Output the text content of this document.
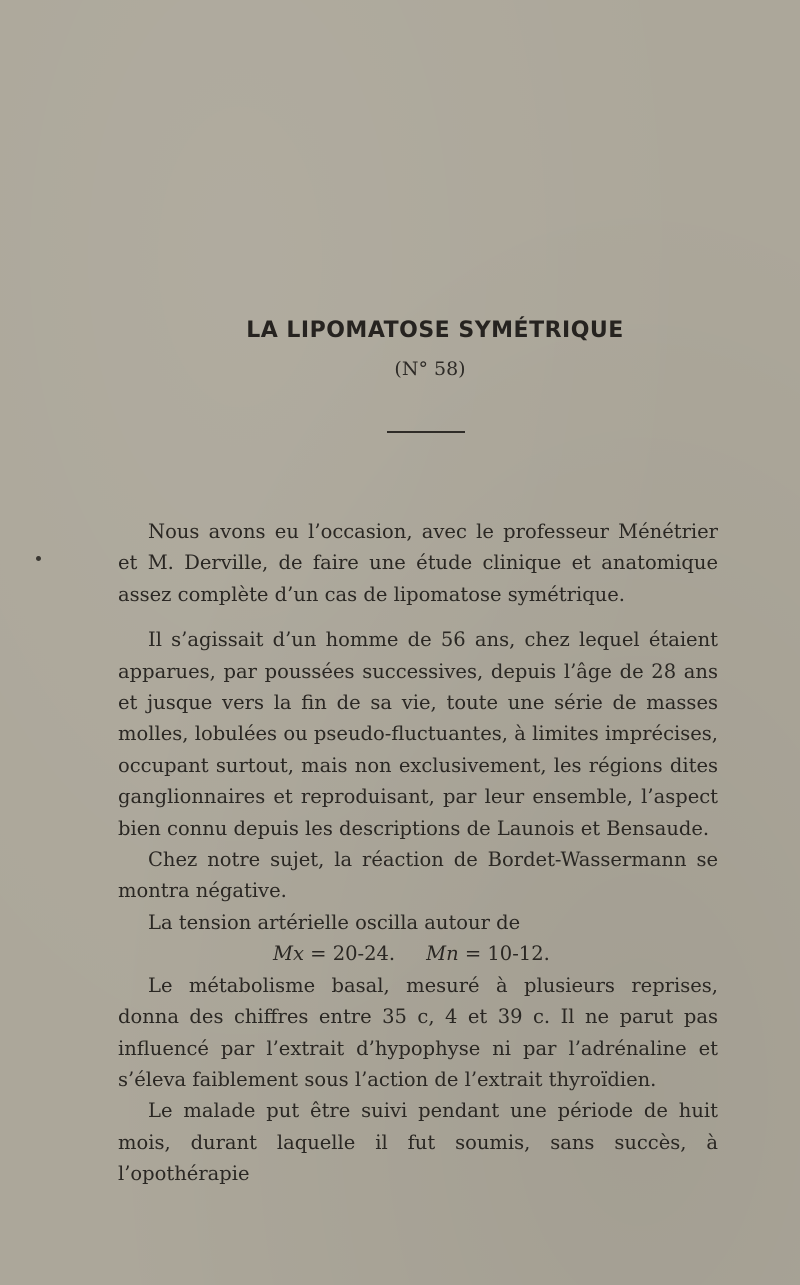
LA LIPOMATOSE SYMÉTRIQUE
(N° 58)

Nous avons eu l’occasion, avec le professeur Ménétrier et M. Derville, de faire une étude clinique et anatomique assez complète d’un cas de lipomatose symétrique.

Il s’agissait d’un homme de 56 ans, chez lequel étaient apparues, par poussées successives, depuis l’âge de 28 ans et jusque vers la fin de sa vie, toute une série de masses molles, lobulées ou pseudo-fluctuantes, à limites imprécises, occupant surtout, mais non exclusivement, les régions dites ganglionnaires et reproduisant, par leur ensemble, l’aspect bien connu depuis les descriptions de Launois et Bensaude.

Chez notre sujet, la réaction de Bordet-Wassermann se montra négative.

La tension artérielle oscilla autour de

Mx = 20-24. Mn = 10-12.

Le métabolisme basal, mesuré à plusieurs reprises, donna des chiffres entre 35 c, 4 et 39 c. Il ne parut pas influencé par l’extrait d’hypophyse ni par l’adrénaline et s’éleva faiblement sous l’action de l’extrait thyroïdien.

Le malade put être suivi pendant une période de huit mois, durant laquelle il fut soumis, sans succès, à l’opothérapie
